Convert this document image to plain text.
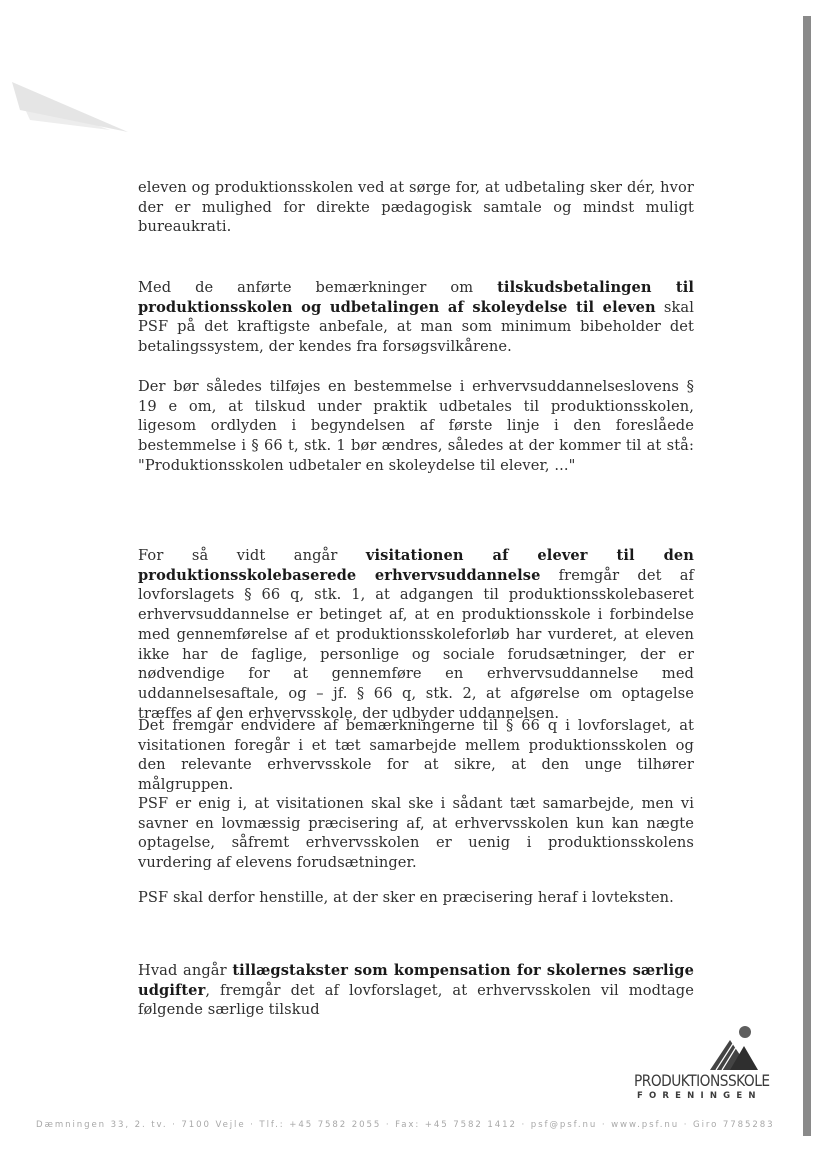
eleven og produktionsskolen ved at sørge for, at udbetaling sker dér, hvor der er mulighed for direkte pædagogisk samtale og mindst muligt bureaukrati.

Med de anførte bemærkninger om tilskudsbetalingen til produktionsskolen og udbetalingen af skoleydelse til eleven skal PSF på det kraftigste anbefale, at man som minimum bibeholder det betalingssystem, der kendes fra forsøgsvilkårene.

Der bør således tilføjes en bestemmelse i erhvervsuddannelseslovens § 19 e om, at tilskud under praktik udbetales til produktionsskolen, ligesom ordlyden i begyndelsen af første linje i den foreslåede bestemmelse i § 66 t, stk. 1 bør ændres, således at der kommer til at stå: "Produktionsskolen udbetaler en skoleydelse til elever, ..."

For så vidt angår visitationen af elever til den produktionsskolebaserede erhvervsuddannelse fremgår det af lovforslagets § 66 q, stk. 1, at adgangen til produktionsskolebaseret erhvervsuddannelse er betinget af, at en produktionsskole i forbindelse med gennemførelse af et produktionsskoleforløb har vurderet, at eleven ikke har de faglige, personlige og sociale forudsætninger, der er nødvendige for at gennemføre en erhvervsuddannelse med uddannelsesaftale, og – jf. § 66 q, stk. 2, at afgørelse om optagelse træffes af den erhvervsskole, der udbyder uddannelsen.

Det fremgår endvidere af bemærkningerne til § 66 q i lovforslaget, at visitationen foregår i et tæt samarbejde mellem produktionsskolen og den relevante erhvervsskole for at sikre, at den unge tilhører målgruppen.

PSF er enig i, at visitationen skal ske i sådant tæt samarbejde, men vi savner en lovmæssig præcisering af, at erhvervsskolen kun kan nægte optagelse, såfremt erhvervsskolen er uenig i produktionsskolens vurdering af elevens forudsætninger.

PSF skal derfor henstille, at der sker en præcisering heraf i lovteksten.

Hvad angår tillægstakster som kompensation for skolernes særlige udgifter, fremgår det af lovforslaget, at erhvervsskolen vil modtage følgende særlige tilskud

PRODUKTIONSSKOLE
FORENINGEN
Dæmningen 33, 2. tv. · 7100 Vejle · Tlf.: +45 7582 2055 · Fax: +45 7582 1412 · psf@psf.nu · www.psf.nu · Giro 7785283
